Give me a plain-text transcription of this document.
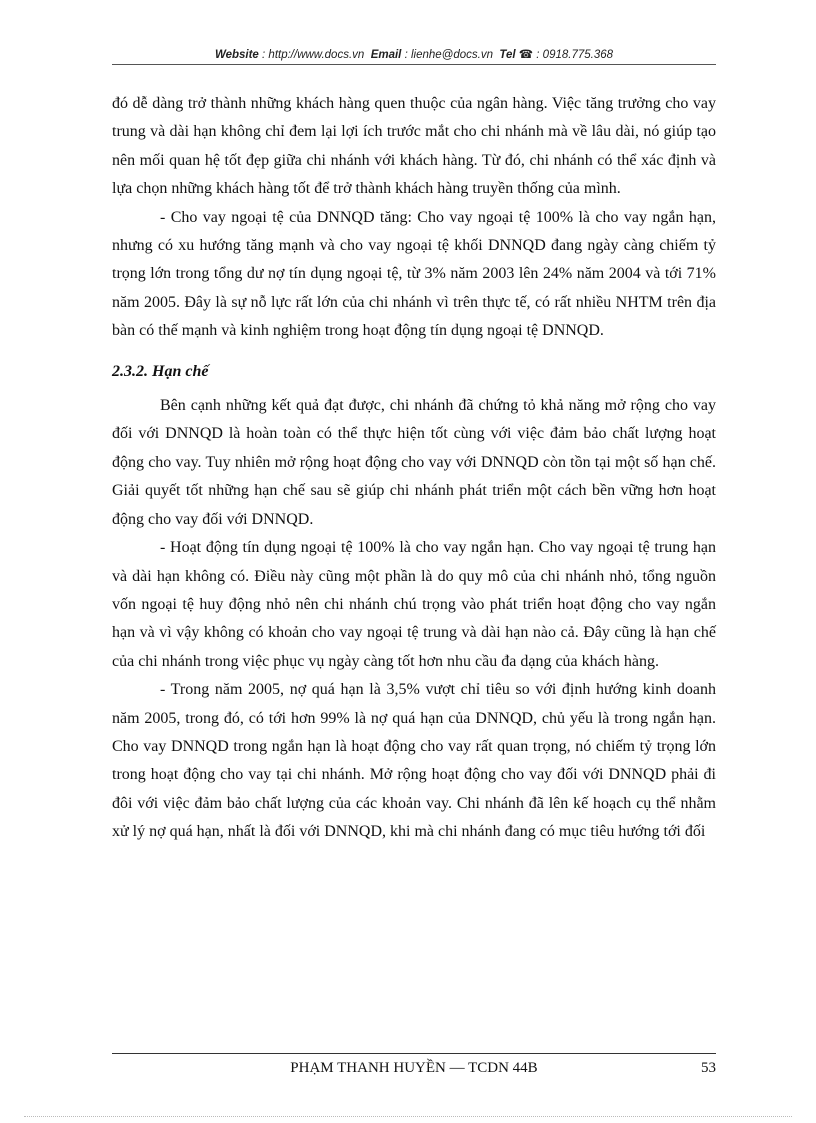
Website : http://www.docs.vn Email : lienhe@docs.vn Tel ☎ : 0918.775.368

đó dễ dàng trở thành những khách hàng quen thuộc của ngân hàng. Việc tăng trưởng cho vay trung và dài hạn không chỉ đem lại lợi ích trước mắt cho chi nhánh mà về lâu dài, nó giúp tạo nên mối quan hệ tốt đẹp giữa chi nhánh với khách hàng. Từ đó, chi nhánh có thể xác định và lựa chọn những khách hàng tốt để trở thành khách hàng truyền thống của mình.

- Cho vay ngoại tệ của DNNQD tăng: Cho vay ngoại tệ 100% là cho vay ngắn hạn, nhưng có xu hướng tăng mạnh và cho vay ngoại tệ khối DNNQD đang ngày càng chiếm tỷ trọng lớn trong tổng dư nợ tín dụng ngoại tệ, từ 3% năm 2003 lên 24% năm 2004 và tới 71% năm 2005. Đây là sự nỗ lực rất lớn của chi nhánh vì trên thực tế, có rất nhiều NHTM trên địa bàn có thế mạnh và kinh nghiệm trong hoạt động tín dụng ngoại tệ DNNQD.

2.3.2. Hạn chế

Bên cạnh những kết quả đạt được, chi nhánh đã chứng tỏ khả năng mở rộng cho vay đối với DNNQD là hoàn toàn có thể thực hiện tốt cùng với việc đảm bảo chất lượng hoạt động cho vay. Tuy nhiên mở rộng hoạt động cho vay với DNNQD còn tồn tại một số hạn chế. Giải quyết tốt những hạn chế sau sẽ giúp chi nhánh phát triển một cách bền vững hơn hoạt động cho vay đối với DNNQD.

- Hoạt động tín dụng ngoại tệ 100% là cho vay ngắn hạn. Cho vay ngoại tệ trung hạn và dài hạn không có. Điều này cũng một phần là do quy mô của chi nhánh nhỏ, tổng nguồn vốn ngoại tệ huy động nhỏ nên chi nhánh chú trọng vào phát triển hoạt động cho vay ngắn hạn và vì vậy không có khoản cho vay ngoại tệ trung và dài hạn nào cả. Đây cũng là hạn chế của chi nhánh trong việc phục vụ ngày càng tốt hơn nhu cầu đa dạng của khách hàng.

- Trong năm 2005, nợ quá hạn là 3,5% vượt chỉ tiêu so với định hướng kinh doanh năm 2005, trong đó, có tới hơn 99% là nợ quá hạn của DNNQD, chủ yếu là trong ngắn hạn. Cho vay DNNQD trong ngắn hạn là hoạt động cho vay rất quan trọng, nó chiếm tỷ trọng lớn trong hoạt động cho vay tại chi nhánh. Mở rộng hoạt động cho vay đối với DNNQD phải đi đôi với việc đảm bảo chất lượng của các khoản vay. Chi nhánh đã lên kế hoạch cụ thể nhằm xử lý nợ quá hạn, nhất là đối với DNNQD, khi mà chi nhánh đang có mục tiêu hướng tới đối

PHẠM THANH HUYỀN — TCDN 44B	53
